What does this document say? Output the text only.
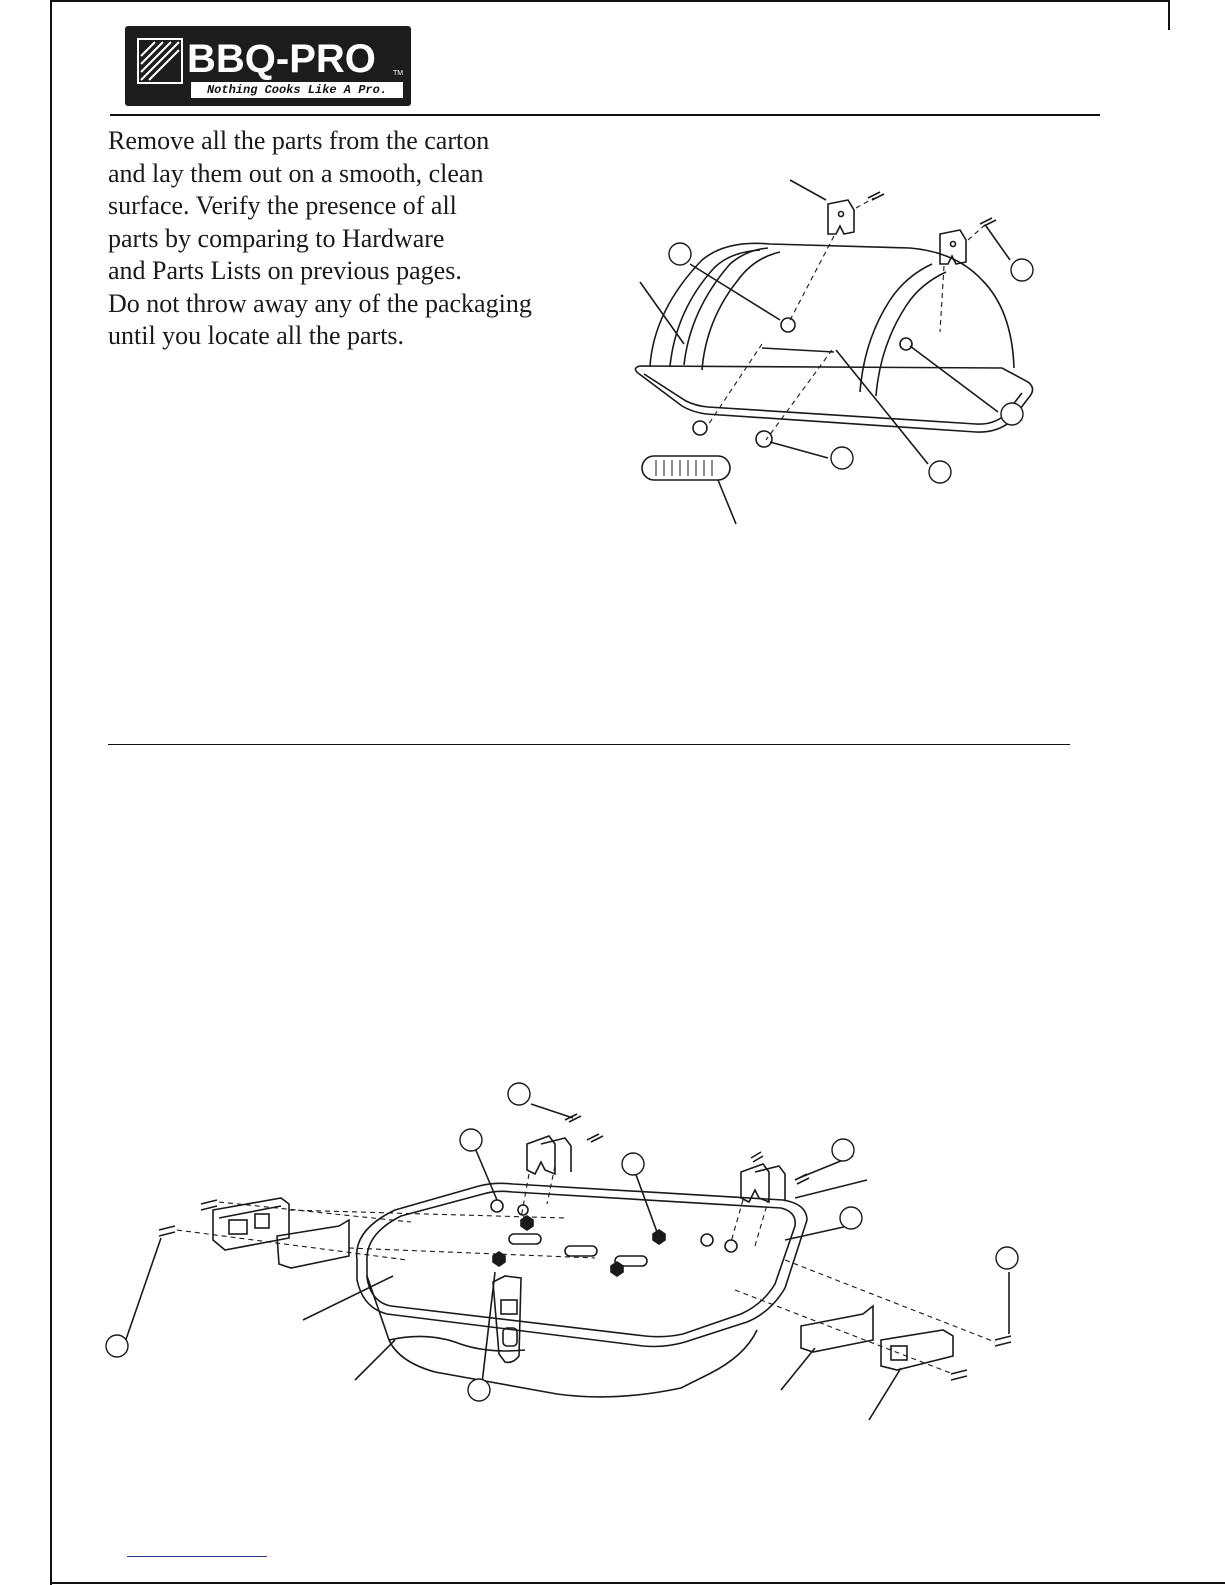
BBQ-PRO TM
Nothing Cooks Like A Pro.

Remove all the parts from the carton
and lay them out on a smooth, clean
surface. Verify the presence of all
parts by comparing to Hardware
and Parts Lists on previous pages.
Do not throw away any of the packaging
until you locate all the parts.
